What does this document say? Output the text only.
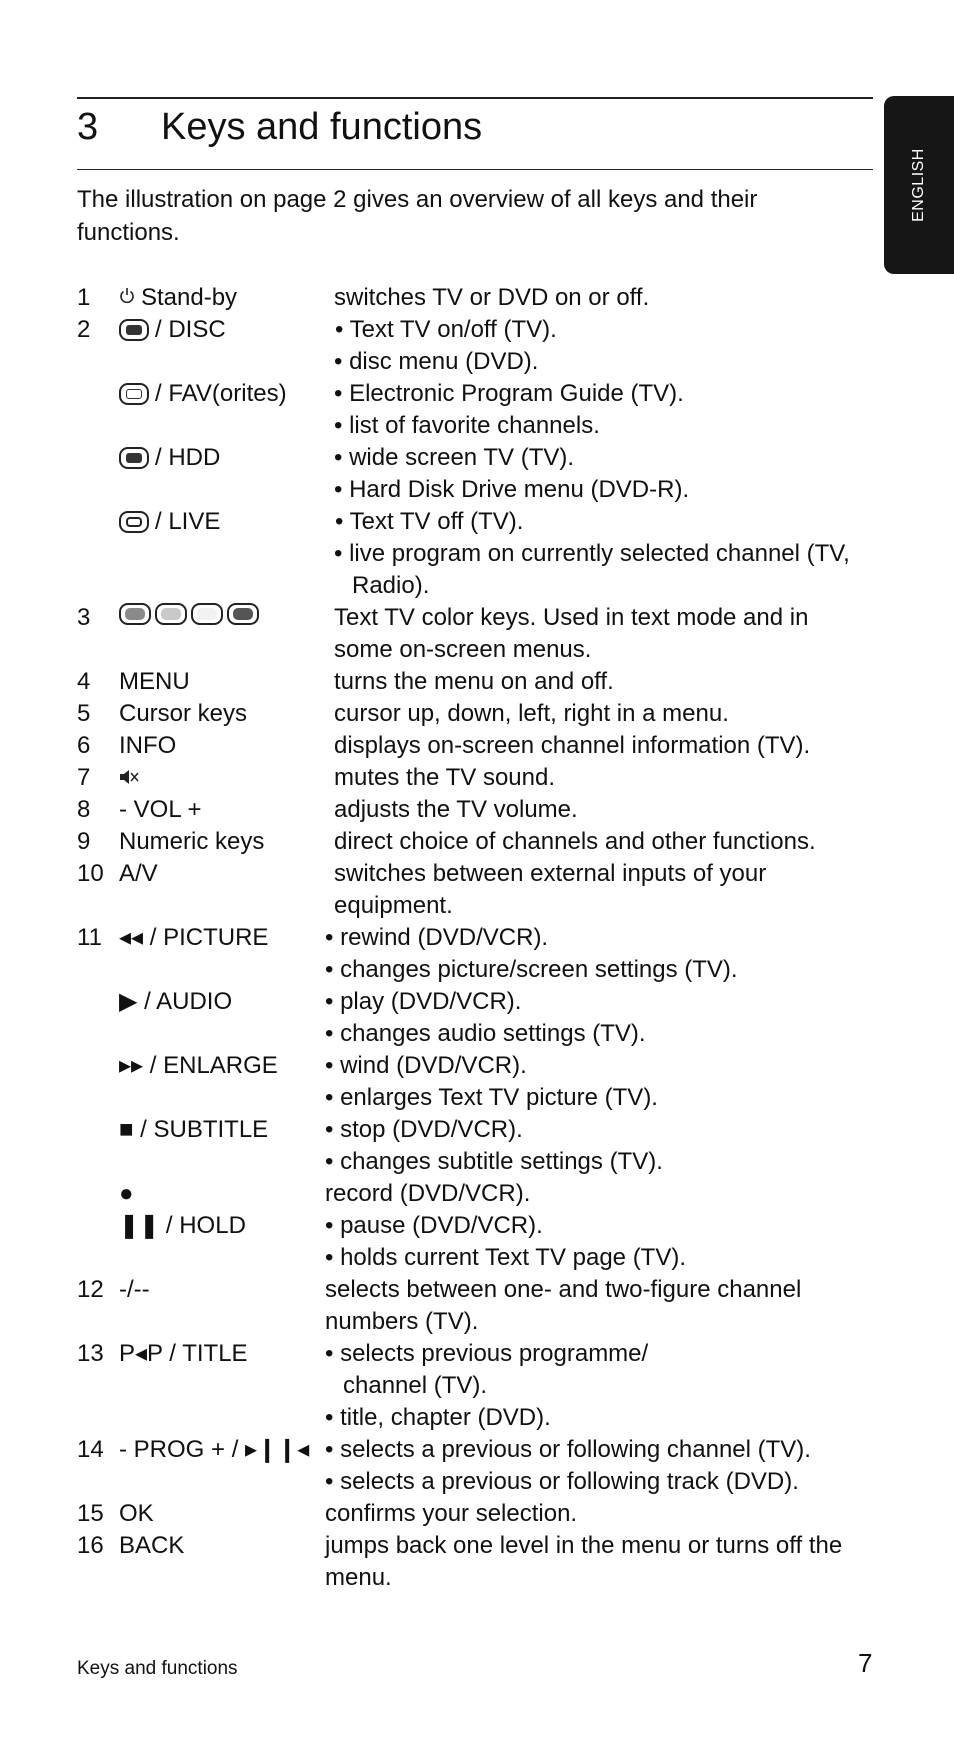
3 Keys and functions
ENGLISH

The illustration on page 2 gives an overview of all keys and their functions.

1 Stand-by	switches TV or DVD on or off.
2	/ DISC	• Text TV on/off (TV).
• disc menu (DVD).
/ FAV(orites) • Electronic Program Guide (TV).
• list of favorite channels.
/ HDD	• wide screen TV (TV).
• Hard Disk Drive menu (DVD-R).
/ LIVE	• Text TV off (TV).
• live program on currently selected channel (TV,
Radio).
3	Text TV color keys. Used in text mode and in
some on-screen menus.
4 MENU	turns the menu on and off.
5 Cursor keys	cursor up, down, left, right in a menu.
6 INFO	displays on-screen channel information (TV).
7	mutes the TV sound.
8 - VOL +	adjusts the TV volume.
9 Numeric keys	direct choice of channels and other functions.
10 A/V	switches between external inputs of your
equipment.
11 ◂◂ / PICTURE • rewind (DVD/VCR).
• changes picture/screen settings (TV).
▶ / AUDIO	• play (DVD/VCR).
• changes audio settings (TV).
▸▸ / ENLARGE • wind (DVD/VCR).
• enlarges Text TV picture (TV).
■ / SUBTITLE • stop (DVD/VCR).
• changes subtitle settings (TV).
●	record (DVD/VCR).
❚❚ / HOLD	• pause (DVD/VCR).
• holds current Text TV page (TV).
12 -/--	selects between one- and two-figure channel
numbers (TV).
13 P◂P / TITLE	• selects previous programme/
channel (TV).
• title, chapter (DVD).
14 - PROG + / ▸❙❙◂ • selects a previous or following channel (TV).
• selects a previous or following track (DVD).
15 OK	confirms your selection.
16 BACK	jumps back one level in the menu or turns off the
menu.
Keys and functions	7
